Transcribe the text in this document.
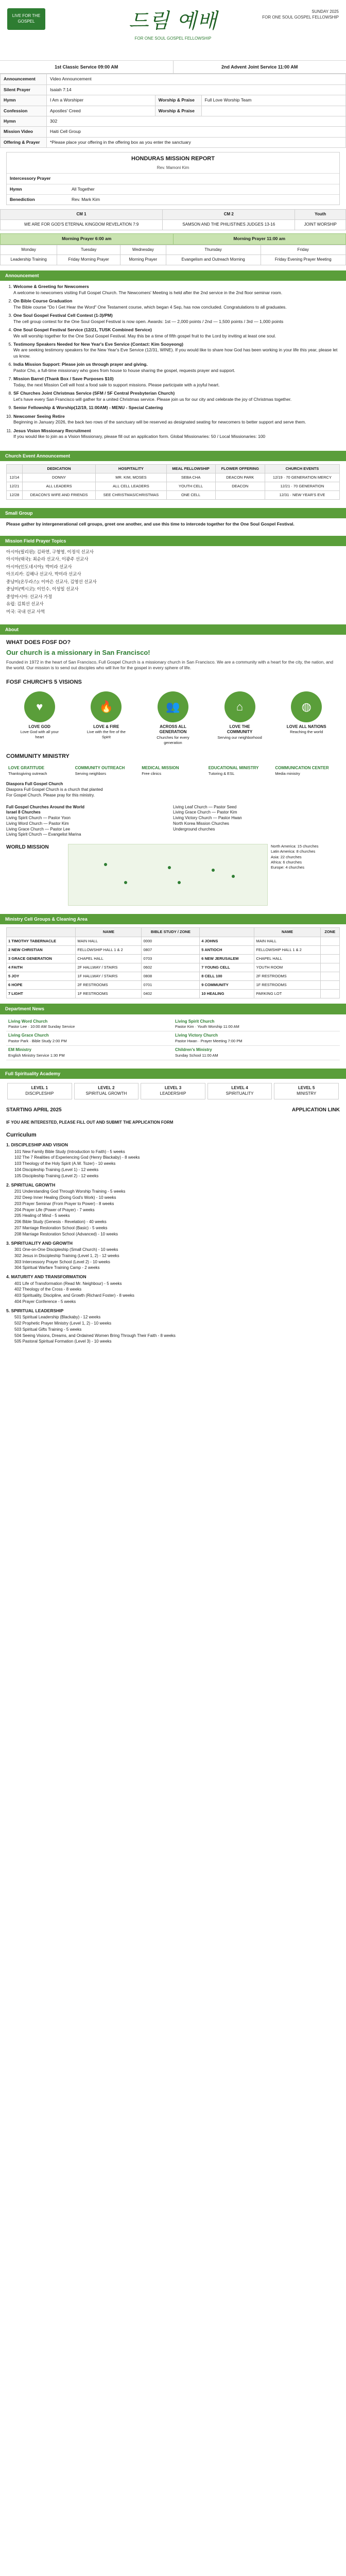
LIVE FOR THE GOSPEL	드림 예배
FOR ONE SOUL GOSPEL FELLOWSHIP
SUNDAY 2025
FOR ONE SOUL GOSPEL FELLOWSHIP
1st Classic Service 09:00 AM	2nd Advent Joint Service 11:00 AM
Announcement	Video Announcement		
Silent Prayer	Isaiah 7:14		
Hymn	I Am a Worshiper	Worship & Praise	Full Love Worship Team
Confession	Apostles' Creed	Worship & Praise	
Hymn	302		
Mission Video	Haiti Cell Group		
Offering & Prayer	*Please place your offering in the offering box as you enter the sanctuary		
HONDURAS MISSION REPORT
Rev. Mamoni Kim
Intercessory Prayer	
Hymn	All Together
Benediction	Rev. Mark Kim
CM 1	CM 2	Youth
WE ARE FOR GOD'S ETERNAL KINGDOM REVELATION 7:9	SAMSON AND THE PHILISTINES JUDGES 13-16	JOINT WORSHIP
Morning Prayer 6:00 am	Morning Prayer 11:00 am
Monday	Tuesday	Wednesday	Thursday	Friday
Leadership Training	Friday Morning Prayer	Morning Prayer	Evangelism and Outreach Morning	Friday Evening Prayer Meeting
Announcement
1. Welcome & Greeting for Newcomers
A welcome to newcomers visiting Full Gospel Church. The Newcomers' Meeting is held after the 2nd service in the 2nd floor seminar room.
2. On Bible Course Graduation
The Bible course "Do I Get Hear the Word" One Testament course, which began 4 Sep, has now concluded. Congratulations to all graduates.
3. One Soul Gospel Festival Cell Contest (1-3)/PM)
The cell group contest for the One Soul Gospel Festival is now open. Awards: 1st — 2,000 points / 2nd — 1,500 points / 3rd — 1,000 points
4. One Soul Gospel Festival Service (12/21, TUSK Combined Service)
We will worship together for the One Soul Gospel Festival. May this be a time of fifth gospel fruit to the Lord by inviting at least one soul.
5. Testimony Speakers Needed for New Year's Eve Service (Contact: Kim Sooyeong)
We are seeking testimony speakers for the New Year's Eve Service (12/31, WINE). If you would like to share how God has been working in your life this year, please let us know.
6. India Mission Support: Please join us through prayer and giving.
Pastor Cho, a full-time missionary who goes from house to house sharing the gospel, requests prayer and support.
7. Mission Barrel (Thank Box / Save Purposes $10)
Today, the next Mission Cell will host a food sale to support missions. Please participate with a joyful heart.
8. SF Churches Joint Christmas Service (SFM / SF Central Presbyterian Church)
Let's have every San Francisco will gather for a united Christmas service. Please join us for our city and celebrate the joy of Christmas together.
9. Senior Fellowship & Worship(12/19, 11:00AM) - MENU - Special Catering
10. Newcomer Seeing Retire
Beginning in January 2026, the back two rows of the sanctuary will be reserved as designated seating for newcomers to better support and serve them.
11. Jesus Vision Missionary Recruitment
If you would like to join as a Vision Missionary, please fill out an application form. Global Missionaries: 50 / Local Missionaries: 100
Church Event Announcement
	DEDICATION	HOSPITALITY	MEAL FELLOWSHIP	FLOWER OFFERING	CHURCH EVENTS
12/14	DONNY	MR. KIM, MOSES	SEBA CHA	DEACON PARK	12/19 · 70 GENERATION MERCY
12/21	ALL LEADERS	ALL CELL LEADERS	YOUTH CELL	DEACON	12/21 · 70 GENERATION
12/28	DEACON'S WIFE AND FRIENDS	SEE CHRISTMAS/CHRISTMAS	ONE CELL		12/31 · NEW YEAR'S EVE
Small Group
Please gather by intergenerational cell groups, greet one another, and use this time to intercede together for the One Soul Gospel Festival.
Mission Field Prayer Topics
아시아(필리핀): 김하연, 구형영, 이정석 선교사
아시아(태국): 최순라 선교사, 이광주 선교사
아시아(인도네시아): 박미라 선교사
아프리카: 김해나 선교사, 박미라 선교사
중남미(온두라스): 이마은 선교사, 김영선 선교사
중남미(멕시코): 이인수, 이성일 선교사
중앙아시아: 선교사 가정
유럽: 김희선 선교사
미국: 국내 선교 사역
About
WHAT DOES FOSF DO?
Our church is a missionary in San Francisco!

Founded in 1972 in the heart of San Francisco, Full Gospel Church is a missionary church in San Francisco. We are a community with a heart for the city, the nation, and the world. Our mission is to send out disciples who will live for the gospel in every sphere of life.

FOSF CHURCH'S 5 VISIONS
♥
LOVE GOD
Love God with all your heart
🔥
LOVE & FIRE
Live with the fire of the Spirit
👥
ACROSS ALL GENERATION
Churches for every generation
⌂
LOVE THE COMMUNITY
Serving our neighborhood
◍
LOVE ALL NATIONS
Reaching the world
COMMUNITY MINISTRY
LOVE GRATITUDE
Thanksgiving outreach
COMMUNITY OUTREACH
Serving neighbors
MEDICAL MISSION
Free clinics
EDUCATIONAL MINISTRY
Tutoring & ESL
COMMUNICATION CENTER
Media ministry
Diaspora Full Gospel Church
Diaspora Full Gospel Church is a church that planted
For Gospel Church. Please pray for this ministry.
Full Gospel Churches Around the World
Israel 8 Churches
Living Spirit Church — Pastor Yoon
Living Word Church — Pastor Kim
Living Grace Church — Pastor Lee
Living Spirit Church — Evangelist Marina
Living Leaf Church — Pastor Seed
Living Grace Church — Pastor Kim
Living Victory Church — Pastor Hwan
North Korea Mission Churches
Underground churches
WORLD MISSION	North America: 15 churches
Latin America: 8 churches
Asia: 22 churches
Africa: 6 churches
Europe: 4 churches
Ministry Cell Groups & Cleaning Area
	NAME	BIBLE STUDY / ZONE		NAME	ZONE
1 TIMOTHY TABERNACLE	MAIN HALL	0000	4 JOHNS	MAIN HALL	
2 NEW CHRISTIAN	FELLOWSHIP HALL 1 & 2	0807	5 ANTIOCH	FELLOWSHIP HALL 1 & 2	
3 GRACE GENERATION	CHAPEL HALL	0703	6 NEW JERUSALEM	CHAPEL HALL	
4 FAITH	2F HALLWAY / STAIRS	0602	7 YOUNG CELL	YOUTH ROOM	
5 JOY	1F HALLWAY / STAIRS	0808	8 CELL 100	2F RESTROOMS	
6 HOPE	2F RESTROOMS	0701	9 COMMUNITY	1F RESTROOMS	
7 LIGHT	1F RESTROOMS	0402	10 HEALING	PARKING LOT	
Department News
Living Word Church
Pastor Lee · 10:00 AM Sunday Service
Living Spirit Church
Pastor Kim · Youth Worship 11:00 AM
Living Grace Church
Pastor Park · Bible Study 2:00 PM
Living Victory Church
Pastor Hwan · Prayer Meeting 7:00 PM
EM Ministry
English Ministry Service 1:30 PM
Children's Ministry
Sunday School 11:00 AM
Full Spirituality Academy
LEVEL 1
DISCIPLESHIP
LEVEL 2
SPIRITUAL GROWTH
LEVEL 3
LEADERSHIP
LEVEL 4
SPIRITUALITY
LEVEL 5
MINISTRY
STARTING APRIL 2025	APPLICATION LINK
IF YOU ARE INTERESTED, PLEASE FILL OUT AND SUBMIT THE APPLICATION FORM
Curriculum
1. DISCIPLESHIP AND VISION
101 New Family Bible Study (Introduction to Faith) - 5 weeks
102 The 7 Realities of Experiencing God (Henry Blackaby) - 8 weeks
103 Theology of the Holy Spirit (A.W. Tozer) - 10 weeks
104 Discipleship Training (Level 1) - 12 weeks
105 Discipleship Training (Level 2) - 12 weeks
2. SPIRITUAL GROWTH
201 Understanding God Through Worship Training - 5 weeks
202 Deep Inner Healing (Doing God's Work) - 10 weeks
203 Prayer Seminar (From Prayer to Power) - 8 weeks
204 Prayer Life (Power of Prayer) - 7 weeks
205 Healing of Mind - 5 weeks
206 Bible Study (Genesis - Revelation) - 40 weeks
207 Marriage Restoration School (Basic) - 5 weeks
208 Marriage Restoration School (Advanced) - 10 weeks
3. SPIRITUALITY AND GROWTH
301 One-on-One Discipleship (Small Church) - 10 weeks
302 Jesus in Discipleship Training (Level 1, 2) - 12 weeks
303 Intercessory Prayer School (Level 2) - 10 weeks
304 Spiritual Warfare Training Camp - 2 weeks
4. MATURITY AND TRANSFORMATION
401 Life of Transformation (Read Mr. Neighbour) - 5 weeks
402 Theology of the Cross - 8 weeks
403 Spirituality, Discipline, and Growth (Richard Foster) - 8 weeks
404 Prayer Conference - 5 weeks
5. SPIRITUAL LEADERSHIP
501 Spiritual Leadership (Blackaby) - 12 weeks
502 Prophetic Prayer Ministry (Level 1, 2) - 10 weeks
503 Spiritual Gifts Training - 5 weeks
504 Seeing Visions, Dreams, and Ordained Women Bring Through Their Faith - 8 weeks
505 Pastoral Spiritual Formation (Level 3) - 10 weeks
